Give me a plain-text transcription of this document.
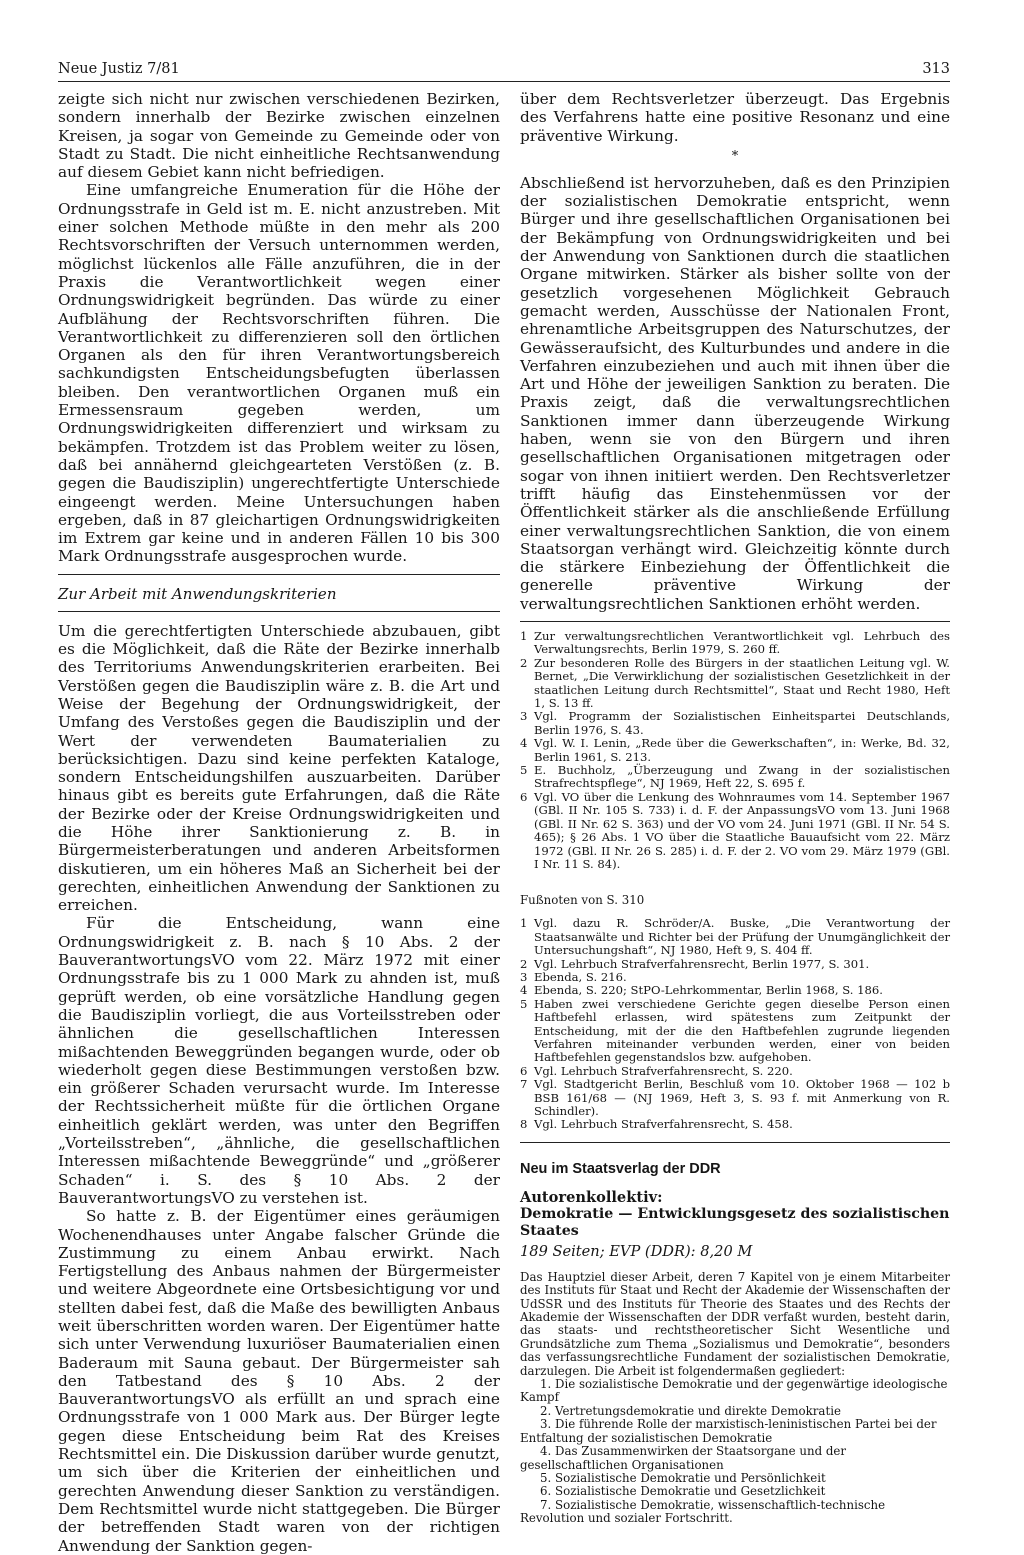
Neue Justiz 7/81	313

zeigte sich nicht nur zwischen verschiedenen Bezirken, sondern innerhalb der Bezirke zwischen einzelnen Kreisen, ja sogar von Gemeinde zu Gemeinde oder von Stadt zu Stadt. Die nicht einheitliche Rechtsanwendung auf diesem Gebiet kann nicht befriedigen.

Eine umfangreiche Enumeration für die Höhe der Ordnungsstrafe in Geld ist m. E. nicht anzustreben. Mit einer solchen Methode müßte in den mehr als 200 Rechtsvorschriften der Versuch unternommen werden, möglichst lückenlos alle Fälle anzuführen, die in der Praxis die Verantwortlichkeit wegen einer Ordnungswidrigkeit begründen. Das würde zu einer Aufblähung der Rechtsvorschriften führen. Die Verantwortlichkeit zu differenzieren soll den örtlichen Organen als den für ihren Verantwortungsbereich sachkundigsten Entscheidungsbefugten überlassen bleiben. Den verantwortlichen Organen muß ein Ermessensraum gegeben werden, um Ordnungswidrigkeiten differenziert und wirksam zu bekämpfen. Trotzdem ist das Problem weiter zu lösen, daß bei annähernd gleichgearteten Verstößen (z. B. gegen die Baudisziplin) ungerechtfertigte Unterschiede eingeengt werden. Meine Untersuchungen haben ergeben, daß in 87 gleichartigen Ordnungswidrigkeiten im Extrem gar keine und in anderen Fällen 10 bis 300 Mark Ordnungsstrafe ausgesprochen wurde.

Zur Arbeit mit Anwendungskriterien

Um die gerechtfertigten Unterschiede abzubauen, gibt es die Möglichkeit, daß die Räte der Bezirke innerhalb des Territoriums Anwendungskriterien erarbeiten. Bei Verstößen gegen die Baudisziplin wäre z. B. die Art und Weise der Begehung der Ordnungswidrigkeit, der Umfang des Verstoßes gegen die Baudisziplin und der Wert der verwendeten Baumaterialien zu berücksichtigen. Dazu sind keine perfekten Kataloge, sondern Entscheidungshilfen auszuarbeiten. Darüber hinaus gibt es bereits gute Erfahrungen, daß die Räte der Bezirke oder der Kreise Ordnungswidrigkeiten und die Höhe ihrer Sanktionierung z. B. in Bürgermeisterberatungen und anderen Arbeitsformen diskutieren, um ein höheres Maß an Sicherheit bei der gerechten, einheitlichen Anwendung der Sanktionen zu erreichen.

Für die Entscheidung, wann eine Ordnungswidrigkeit z. B. nach § 10 Abs. 2 der BauverantwortungsVO vom 22. März 1972 mit einer Ordnungsstrafe bis zu 1 000 Mark zu ahnden ist, muß geprüft werden, ob eine vorsätzliche Handlung gegen die Baudisziplin vorliegt, die aus Vorteilsstreben oder ähnlichen die gesellschaftlichen Interessen mißachtenden Beweggründen begangen wurde, oder ob wiederholt gegen diese Bestimmungen verstoßen bzw. ein größerer Schaden verursacht wurde. Im Interesse der Rechtssicherheit müßte für die örtlichen Organe einheitlich geklärt werden, was unter den Begriffen „Vorteilsstreben“, „ähnliche, die gesellschaftlichen Interessen mißachtende Beweggründe“ und „größerer Schaden“ i. S. des § 10 Abs. 2 der BauverantwortungsVO zu verstehen ist.

So hatte z. B. der Eigentümer eines geräumigen Wochenendhauses unter Angabe falscher Gründe die Zustimmung zu einem Anbau erwirkt. Nach Fertigstellung des Anbaus nahmen der Bürgermeister und weitere Abgeordnete eine Ortsbesichtigung vor und stellten dabei fest, daß die Maße des bewilligten Anbaus weit überschritten worden waren. Der Eigentümer hatte sich unter Verwendung luxuriöser Baumaterialien einen Baderaum mit Sauna gebaut. Der Bürgermeister sah den Tatbestand des § 10 Abs. 2 der BauverantwortungsVO als erfüllt an und sprach eine Ordnungsstrafe von 1 000 Mark aus. Der Bürger legte gegen diese Entscheidung beim Rat des Kreises Rechtsmittel ein. Die Diskussion darüber wurde genutzt, um sich über die Kriterien der einheitlichen und gerechten Anwendung dieser Sanktion zu verständigen. Dem Rechtsmittel wurde nicht stattgegeben. Die Bürger der betreffenden Stadt waren von der richtigen Anwendung der Sanktion gegen-

über dem Rechtsverletzer überzeugt. Das Ergebnis des Verfahrens hatte eine positive Resonanz und eine präventive Wirkung.

*

Abschließend ist hervorzuheben, daß es den Prinzipien der sozialistischen Demokratie entspricht, wenn Bürger und ihre gesellschaftlichen Organisationen bei der Bekämpfung von Ordnungswidrigkeiten und bei der Anwendung von Sanktionen durch die staatlichen Organe mitwirken. Stärker als bisher sollte von der gesetzlich vorgesehenen Möglichkeit Gebrauch gemacht werden, Ausschüsse der Nationalen Front, ehrenamtliche Arbeitsgruppen des Naturschutzes, der Gewässeraufsicht, des Kulturbundes und andere in die Verfahren einzubeziehen und auch mit ihnen über die Art und Höhe der jeweiligen Sanktion zu beraten. Die Praxis zeigt, daß die verwaltungsrechtlichen Sanktionen immer dann überzeugende Wirkung haben, wenn sie von den Bürgern und ihren gesellschaftlichen Organisationen mitgetragen oder sogar von ihnen initiiert werden. Den Rechtsverletzer trifft häufig das Einstehenmüssen vor der Öffentlichkeit stärker als die anschließende Erfüllung einer verwaltungsrechtlichen Sanktion, die von einem Staatsorgan verhängt wird. Gleichzeitig könnte durch die stärkere Einbeziehung der Öffentlichkeit die generelle präventive Wirkung der verwaltungsrechtlichen Sanktionen erhöht werden.

1 Zur verwaltungsrechtlichen Verantwortlichkeit vgl. Lehrbuch des Verwaltungsrechts, Berlin 1979, S. 260 ff.
2 Zur besonderen Rolle des Bürgers in der staatlichen Leitung vgl. W. Bernet, „Die Verwirklichung der sozialistischen Gesetzlichkeit in der staatlichen Leitung durch Rechtsmittel“, Staat und Recht 1980, Heft 1, S. 13 ff.
3 Vgl. Programm der Sozialistischen Einheitspartei Deutschlands, Berlin 1976, S. 43.
4 Vgl. W. I. Lenin, „Rede über die Gewerkschaften“, in: Werke, Bd. 32, Berlin 1961, S. 213.
5 E. Buchholz, „Überzeugung und Zwang in der sozialistischen Strafrechtspflege“, NJ 1969, Heft 22, S. 695 f.
6 Vgl. VO über die Lenkung des Wohnraumes vom 14. September 1967 (GBl. II Nr. 105 S. 733) i. d. F. der AnpassungsVO vom 13. Juni 1968 (GBl. II Nr. 62 S. 363) und der VO vom 24. Juni 1971 (GBl. II Nr. 54 S. 465); § 26 Abs. 1 VO über die Staatliche Bauaufsicht vom 22. März 1972 (GBl. II Nr. 26 S. 285) i. d. F. der 2. VO vom 29. März 1979 (GBl. I Nr. 11 S. 84).
Fußnoten von S. 310
1 Vgl. dazu R. Schröder/A. Buske, „Die Verantwortung der Staatsanwälte und Richter bei der Prüfung der Unumgänglichkeit der Untersuchungshaft“, NJ 1980, Heft 9, S. 404 ff.
2 Vgl. Lehrbuch Strafverfahrensrecht, Berlin 1977, S. 301.
3 Ebenda, S. 216.
4 Ebenda, S. 220; StPO-Lehrkommentar, Berlin 1968, S. 186.
5 Haben zwei verschiedene Gerichte gegen dieselbe Person einen Haftbefehl erlassen, wird spätestens zum Zeitpunkt der Entscheidung, mit der die den Haftbefehlen zugrunde liegenden Verfahren miteinander verbunden werden, einer von beiden Haftbefehlen gegenstandslos bzw. aufgehoben.
6 Vgl. Lehrbuch Strafverfahrensrecht, S. 220.
7 Vgl. Stadtgericht Berlin, Beschluß vom 10. Oktober 1968 — 102 b BSB 161/68 — (NJ 1969, Heft 3, S. 93 f. mit Anmerkung von R. Schindler).
8 Vgl. Lehrbuch Strafverfahrensrecht, S. 458.
Neu im Staatsverlag der DDR
Autorenkollektiv:
Demokratie — Entwicklungsgesetz des sozialistischen Staates
189 Seiten; EVP (DDR): 8,20 M

Das Hauptziel dieser Arbeit, deren 7 Kapitel von je einem Mitarbeiter des Instituts für Staat und Recht der Akademie der Wissenschaften der UdSSR und des Instituts für Theorie des Staates und des Rechts der Akademie der Wissenschaften der DDR verfaßt wurden, besteht darin, das staats- und rechtstheoretischer Sicht Wesentliche und Grundsätzliche zum Thema „Sozialismus und Demokratie“, besonders das verfassungsrechtliche Fundament der sozialistischen Demokratie, darzulegen. Die Arbeit ist folgendermaßen gegliedert:

1. Die sozialistische Demokratie und der gegenwärtige ideologische Kampf
2. Vertretungsdemokratie und direkte Demokratie
3. Die führende Rolle der marxistisch-leninistischen Partei bei der Entfaltung der sozialistischen Demokratie
4. Das Zusammenwirken der Staatsorgane und der gesellschaftlichen Organisationen
5. Sozialistische Demokratie und Persönlichkeit
6. Sozialistische Demokratie und Gesetzlichkeit
7. Sozialistische Demokratie, wissenschaftlich-technische Revolution und sozialer Fortschritt.
